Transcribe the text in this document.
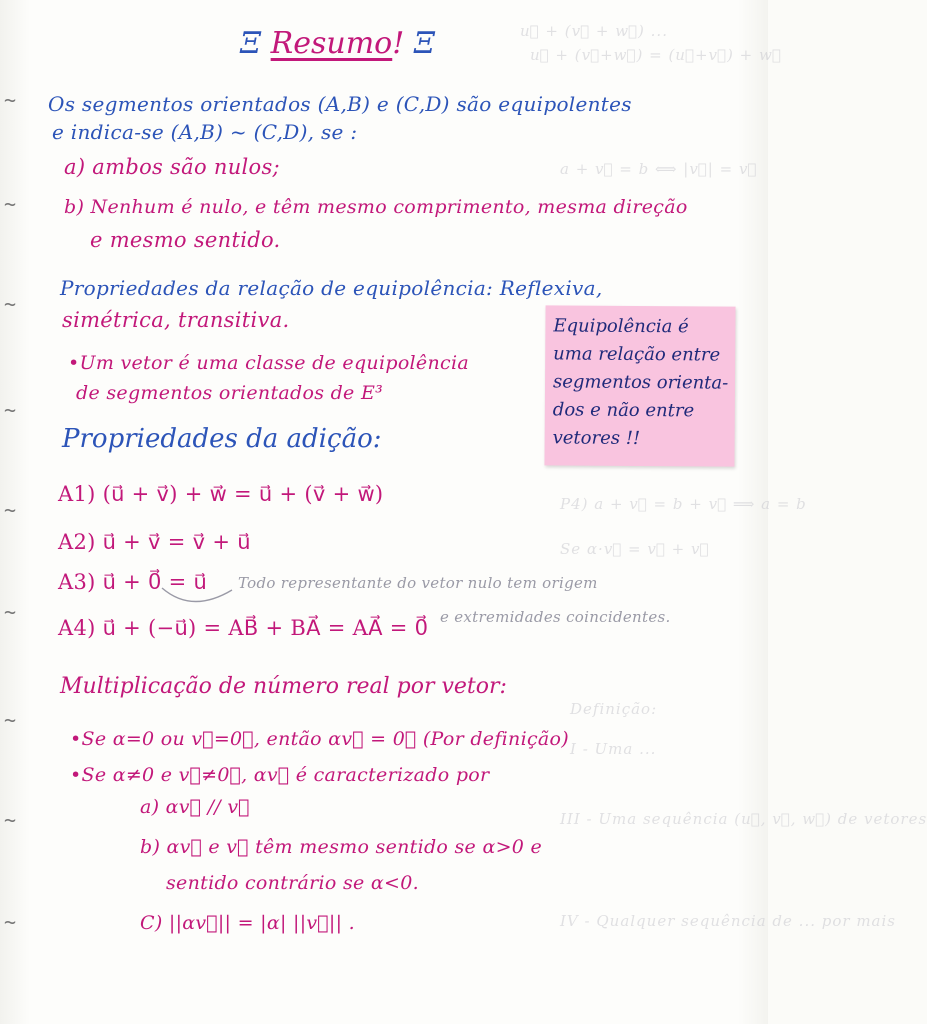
u⃗ + (v⃗ + w⃗) ...
u⃗ + (v⃗+w⃗) = (u⃗+v⃗) + w⃗
a + v⃗ = b ⟺ |v⃗| = v⃗
P4) a + v⃗ = b + v⃗ ⟹ a = b
Se α·v⃗ = v⃗ + v⃗
Definição:
I - Uma ...
III - Uma sequência (u⃗, v⃗, w⃗) de vetores
IV - Qualquer sequência de ... por mais
~
~
~
~
~
~
~
~
~
Ξ Resumo! Ξ
Os segmentos orientados (A,B) e (C,D) são equipolentes
e indica-se (A,B) ~ (C,D), se :
a) ambos são nulos;
b) Nenhum é nulo, e têm mesmo comprimento, mesma direção
e mesmo sentido.
Propriedades da relação de equipolência: Reflexiva,
simétrica, transitiva.
•Um vetor é uma classe de equipolência
de segmentos orientados de E³
Equipolência é
uma relação entre
segmentos orienta-
dos e não entre
vetores !!
Propriedades da adição:
A1) (u⃗ + v⃗) + w⃗ = u⃗ + (v⃗ + w⃗)
A2) u⃗ + v⃗ = v⃗ + u⃗
A3) u⃗ + 0⃗ = u⃗ Todo representante do vetor nulo tem origem
e extremidades coincidentes.
A4) u⃗ + (−u⃗) = AB⃗ + BA⃗ = AA⃗ = 0⃗
Multiplicação de número real por vetor:
•Se α=0 ou v⃗=0⃗, então αv⃗ = 0⃗ (Por definição)
•Se α≠0 e v⃗≠0⃗, αv⃗ é caracterizado por
a) αv⃗ // v⃗
b) αv⃗ e v⃗ têm mesmo sentido se α>0 e
sentido contrário se α<0.
C) ||αv⃗|| = |α| ||v⃗|| .
